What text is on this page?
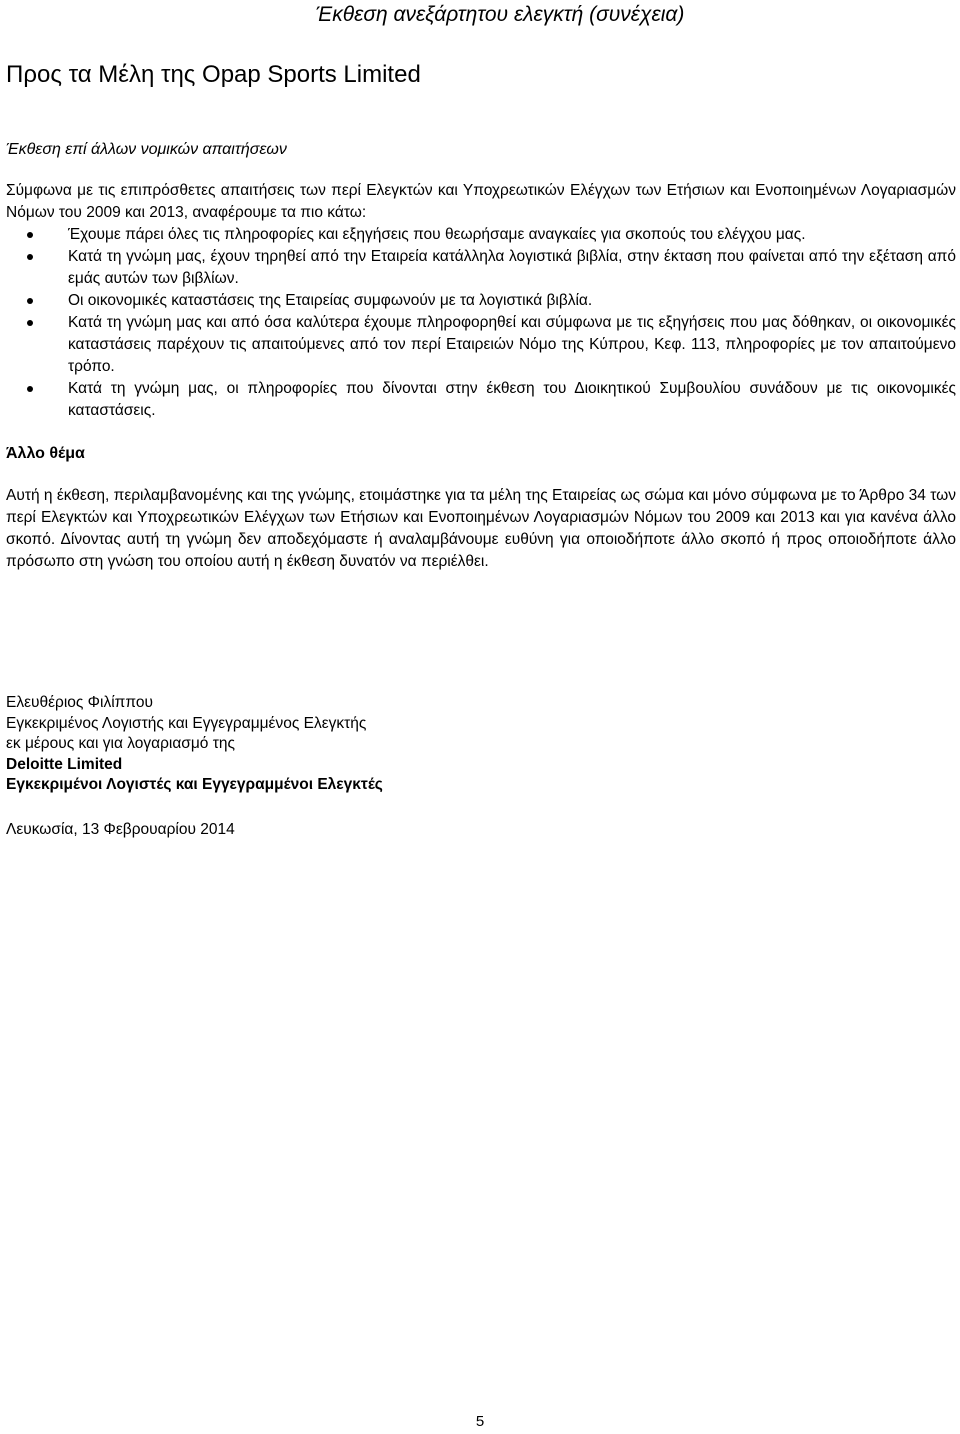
Έκθεση ανεξάρτητου ελεγκτή (συνέχεια)
Προς τα Μέλη της Opap Sports Limited
Έκθεση επί άλλων νομικών απαιτήσεων
Σύμφωνα με τις επιπρόσθετες απαιτήσεις των περί Ελεγκτών και Υποχρεωτικών Ελέγχων των Ετήσιων και Ενοποιημένων Λογαριασμών Νόμων του 2009 και 2013, αναφέρουμε τα πιο κάτω:
Έχουμε πάρει όλες τις πληροφορίες και εξηγήσεις που θεωρήσαμε αναγκαίες για σκοπούς του ελέγχου μας.
Κατά τη γνώμη μας, έχουν τηρηθεί από την Εταιρεία κατάλληλα λογιστικά βιβλία, στην έκταση που φαίνεται από την εξέταση από εμάς αυτών των βιβλίων.
Οι οικονομικές καταστάσεις της Εταιρείας συμφωνούν με τα λογιστικά βιβλία.
Κατά τη γνώμη μας και από όσα καλύτερα έχουμε πληροφορηθεί και σύμφωνα με τις εξηγήσεις που μας δόθηκαν, οι οικονομικές καταστάσεις παρέχουν τις απαιτούμενες από τον περί Εταιρειών Νόμο της Κύπρου, Κεφ. 113, πληροφορίες με τον απαιτούμενο τρόπο.
Κατά τη γνώμη μας, οι πληροφορίες που δίνονται στην έκθεση του Διοικητικού Συμβουλίου συνάδουν με τις οικονομικές καταστάσεις.
Άλλο θέμα
Αυτή η έκθεση, περιλαμβανομένης και της γνώμης, ετοιμάστηκε για τα μέλη της Εταιρείας ως σώμα και μόνο σύμφωνα με το Άρθρο 34 των περί Ελεγκτών και Υποχρεωτικών Ελέγχων των Ετήσιων και Ενοποιημένων Λογαριασμών Νόμων του 2009 και 2013 και για κανένα άλλο σκοπό. Δίνοντας αυτή τη γνώμη δεν αποδεχόμαστε ή αναλαμβάνουμε ευθύνη για οποιοδήποτε άλλο σκοπό ή προς οποιοδήποτε άλλο πρόσωπο στη γνώση του οποίου αυτή η έκθεση δυνατόν να περιέλθει.
Ελευθέριος Φιλίππου
Εγκεκριμένος Λογιστής και Εγγεγραμμένος Ελεγκτής
εκ μέρους και για λογαριασμό της
Deloitte Limited
Εγκεκριμένοι Λογιστές και Εγγεγραμμένοι Ελεγκτές
Λευκωσία, 13 Φεβρουαρίου 2014
5
